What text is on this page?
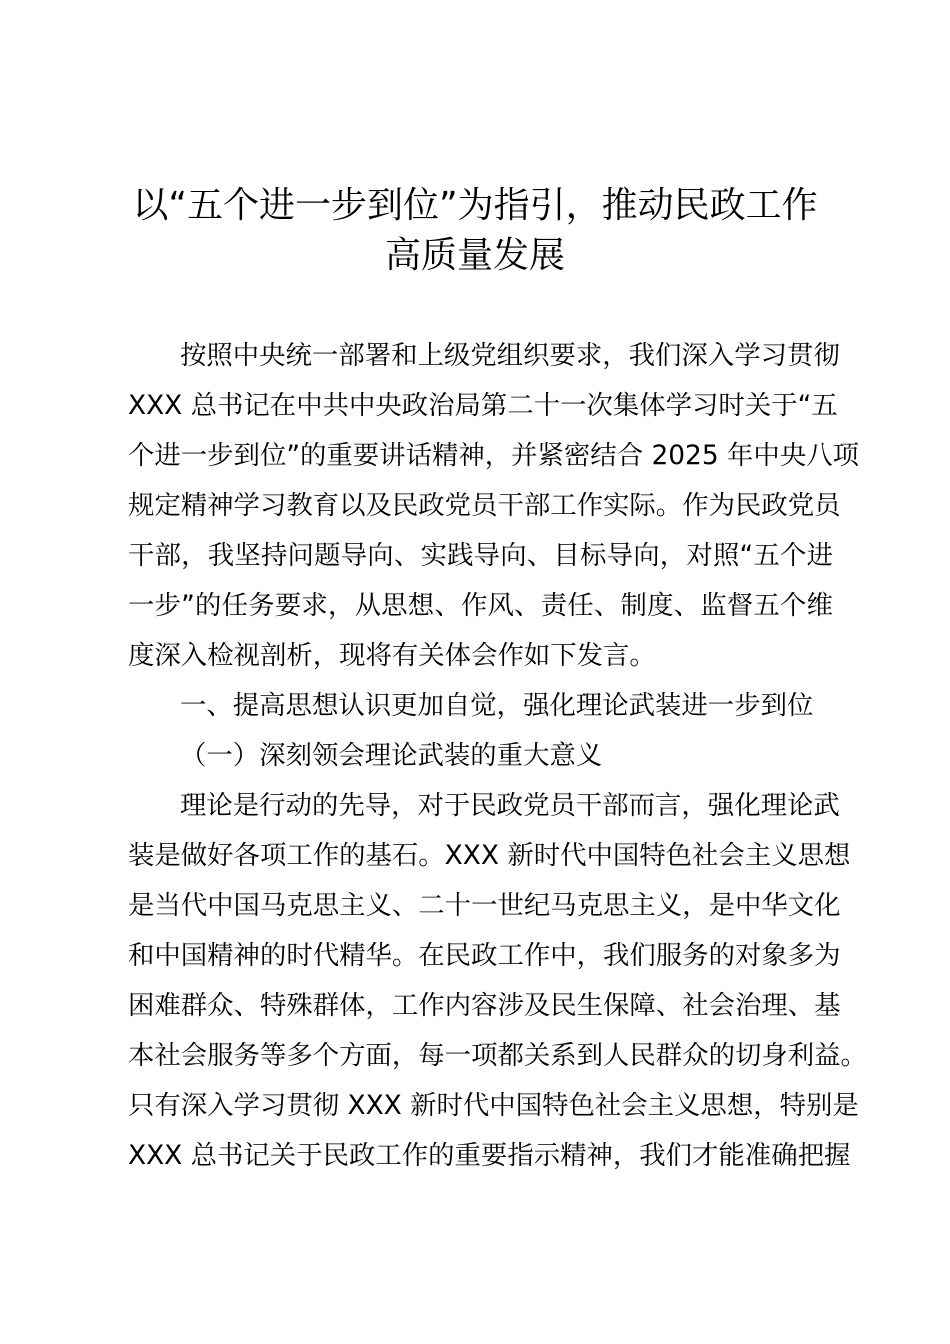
以“五个进一步到位”为指引，推动民政工作
高质量发展
按照中央统一部署和上级党组织要求，我们深入学习贯彻
XXX 总书记在中共中央政治局第二十一次集体学习时关于“五
个进一步到位”的重要讲话精神，并紧密结合 2025 年中央八项
规定精神学习教育以及民政党员干部工作实际。作为民政党员
干部，我坚持问题导向、实践导向、目标导向，对照“五个进
一步”的任务要求，从思想、作风、责任、制度、监督五个维
度深入检视剖析，现将有关体会作如下发言。
一、提高思想认识更加自觉，强化理论武装进一步到位
（一）深刻领会理论武装的重大意义
理论是行动的先导，对于民政党员干部而言，强化理论武
装是做好各项工作的基石。XXX 新时代中国特色社会主义思想
是当代中国马克思主义、二十一世纪马克思主义，是中华文化
和中国精神的时代精华。在民政工作中，我们服务的对象多为
困难群众、特殊群体，工作内容涉及民生保障、社会治理、基
本社会服务等多个方面，每一项都关系到人民群众的切身利益。
只有深入学习贯彻 XXX 新时代中国特色社会主义思想，特别是
XXX 总书记关于民政工作的重要指示精神，我们才能准确把握
